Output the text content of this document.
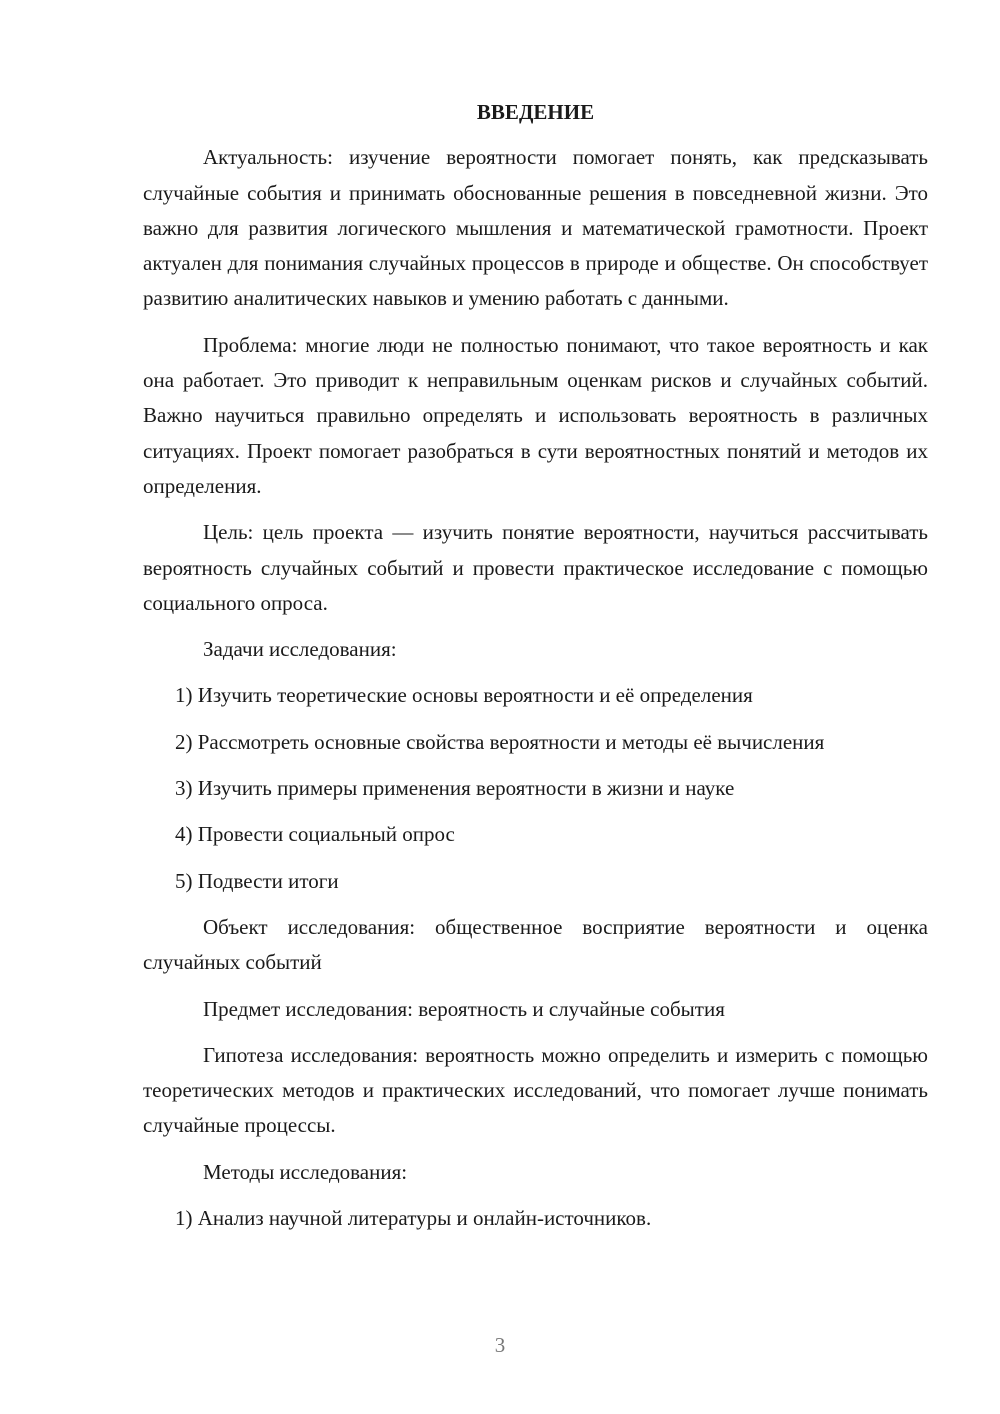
ВВЕДЕНИЕ

Актуальность: изучение вероятности помогает понять, как предсказывать случайные события и принимать обоснованные решения в повседневной жизни. Это важно для развития логического мышления и математической грамотности. Проект актуален для понимания случайных процессов в природе и обществе. Он способствует развитию аналитических навыков и умению работать с данными.

Проблема: многие люди не полностью понимают, что такое вероятность и как она работает. Это приводит к неправильным оценкам рисков и случайных событий. Важно научиться правильно определять и использовать вероятность в различных ситуациях. Проект помогает разобраться в сути вероятностных понятий и методов их определения.

Цель: цель проекта — изучить понятие вероятности, научиться рассчитывать вероятность случайных событий и провести практическое исследование с помощью социального опроса.

Задачи исследования:

1) Изучить теоретические основы вероятности и её определения

2) Рассмотреть основные свойства вероятности и методы её вычисления

3) Изучить примеры применения вероятности в жизни и науке

4) Провести социальный опрос

5) Подвести итоги

Объект исследования: общественное восприятие вероятности и оценка случайных событий

Предмет исследования: вероятность и случайные события

Гипотеза исследования: вероятность можно определить и измерить с помощью теоретических методов и практических исследований, что помогает лучше понимать случайные процессы.

Методы исследования:

1) Анализ научной литературы и онлайн-источников.

3
